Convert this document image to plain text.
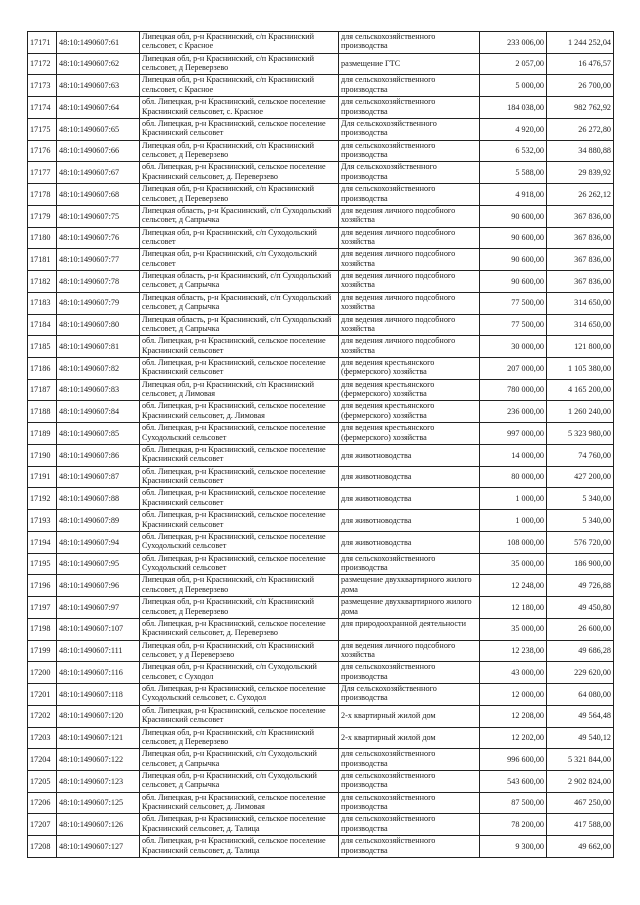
17171	48:10:1490607:61	Липецкая обл, р-н Краснинский, с/п Краснинский сельсовет, с Красное	для сельскохозяйственного производства	233 006,00	1 244 252,04
17172	48:10:1490607:62	Липецкая обл, р-н Краснинский, с/п Краснинский сельсовет, д Перeверзево	размещение ГТС	2 057,00	16 476,57
17173	48:10:1490607:63	Липецкая обл, р-н Краснинский, с/п Краснинский сельсовет, с Красное	для сельскохозяйственного производства	5 000,00	26 700,00
17174	48:10:1490607:64	обл. Липецкая, р-н Краснинский, сельское поселение Краснинский сельсовет, с. Красное	для сельскохозяйственного производства	184 038,00	982 762,92
17175	48:10:1490607:65	обл. Липецкая, р-н Краснинский, сельское поселение Краснинский сельсовет	Для сельскохозяйственного производства	4 920,00	26 272,80
17176	48:10:1490607:66	Липецкая обл, р-н Краснинский, с/п Краснинский сельсовет, д Перeверзево	для сельскохозяйственного производства	6 532,00	34 880,88
17177	48:10:1490607:67	обл. Липецкая, р-н Краснинский, сельское поселение Краснинский сельсовет, д. Переверзево	Для сельскохозяйственного производства	5 588,00	29 839,92
17178	48:10:1490607:68	Липецкая обл, р-н Краснинский, с/п Краснинский сельсовет, д Перeверзево	для сельскохозяйственного производства	4 918,00	26 262,12
17179	48:10:1490607:75	Липецкая область, р-н Краснинский, с/п Суходольский сельсовет, д Сапрычка	для ведения личного подсобного хозяйства	90 600,00	367 836,00
17180	48:10:1490607:76	Липецкая обл, р-н Краснинский, с/п Суходольский сельсовет	для ведения личного подсобного хозяйства	90 600,00	367 836,00
17181	48:10:1490607:77	Липецкая обл, р-н Краснинский, с/п Суходольский сельсовет	для ведения личного подсобного хозяйства	90 600,00	367 836,00
17182	48:10:1490607:78	Липецкая область, р-н Краснинский, с/п Суходольский сельсовет, д Сапрычка	для ведения личного подсобного хозяйства	90 600,00	367 836,00
17183	48:10:1490607:79	Липецкая область, р-н Краснинский, с/п Суходольский сельсовет, д Сапрычка	для ведения личного подсобного хозяйства	77 500,00	314 650,00
17184	48:10:1490607:80	Липецкая область, р-н Краснинский, с/п Суходольский сельсовет, д Сапрычка	для ведения личного подсобного хозяйства	77 500,00	314 650,00
17185	48:10:1490607:81	обл. Липецкая, р-н Краснинский, сельское поселение Краснинский сельсовет	для ведения личного подсобного хозяйства	30 000,00	121 800,00
17186	48:10:1490607:82	обл. Липецкая, р-н Краснинский, сельское поселение Краснинский сельсовет	для ведения крестьянского (фермерского) хозяйства	207 000,00	1 105 380,00
17187	48:10:1490607:83	Липецкая обл, р-н Краснинский, с/п Краснинский сельсовет, д Лимовая	для ведения крестьянского (фермерского) хозяйства	780 000,00	4 165 200,00
17188	48:10:1490607:84	обл. Липецкая, р-н Краснинский, сельское поселение Краснинский сельсовет, д. Лимовая	для ведения крестьянского (фермерского) хозяйства	236 000,00	1 260 240,00
17189	48:10:1490607:85	обл. Липецкая, р-н Краснинский, сельское поселение Суходольский сельсовет	для ведения крестьянского (фермерского) хозяйства	997 000,00	5 323 980,00
17190	48:10:1490607:86	обл. Липецкая, р-н Краснинский, сельское поселение Краснинский сельсовет	для животноводства	14 000,00	74 760,00
17191	48:10:1490607:87	обл. Липецкая, р-н Краснинский, сельское поселение Краснинский сельсовет	для животноводства	80 000,00	427 200,00
17192	48:10:1490607:88	обл. Липецкая, р-н Краснинский, сельское поселение Краснинский сельсовет	для животноводства	1 000,00	5 340,00
17193	48:10:1490607:89	обл. Липецкая, р-н Краснинский, сельское поселение Краснинский сельсовет	для животноводства	1 000,00	5 340,00
17194	48:10:1490607:94	обл. Липецкая, р-н Краснинский, сельское поселение Суходольский сельсовет	для животноводства	108 000,00	576 720,00
17195	48:10:1490607:95	обл. Липецкая, р-н Краснинский, сельское поселение Суходольский сельсовет	для сельскохозяйственного производства	35 000,00	186 900,00
17196	48:10:1490607:96	Липецкая обл, р-н Краснинский, с/п Краснинский сельсовет, д Перeверзево	размещение двухквартирного жилого дома	12 248,00	49 726,88
17197	48:10:1490607:97	Липецкая обл, р-н Краснинский, с/п Краснинский сельсовет, д Перeверзево	размещение двухквартирного жилого дома	12 180,00	49 450,80
17198	48:10:1490607:107	обл. Липецкая, р-н Краснинский, сельское поселение Краснинский сельсовет, д. Переверзево	для природоохранной деятельности	35 000,00	26 600,00
17199	48:10:1490607:111	Липецкая обл, р-н Краснинский, с/п Краснинский сельсовет, у д Переверзево	для ведения личного подсобного хозяйства	12 238,00	49 686,28
17200	48:10:1490607:116	Липецкая обл, р-н Краснинский, с/п Суходольский сельсовет, с Суходол	для сельскохозяйственного производства	43 000,00	229 620,00
17201	48:10:1490607:118	обл. Липецкая, р-н Краснинский, сельское поселение Суходольский сельсовет, с. Суходол	Для сельскохозяйственного производства	12 000,00	64 080,00
17202	48:10:1490607:120	обл. Липецкая, р-н Краснинский, сельское поселение Краснинский сельсовет	2-х квартирный жилой дом	12 208,00	49 564,48
17203	48:10:1490607:121	Липецкая обл, р-н Краснинский, с/п Краснинский сельсовет, д Перeверзево	2-х квартирный жилой дом	12 202,00	49 540,12
17204	48:10:1490607:122	Липецкая обл, р-н Краснинский, с/п Суходольский сельсовет, д Сапрычка	для сельскохозяйственного производства	996 600,00	5 321 844,00
17205	48:10:1490607:123	Липецкая обл, р-н Краснинский, с/п Суходольский сельсовет, д Сапрычка	для сельскохозяйственного производства	543 600,00	2 902 824,00
17206	48:10:1490607:125	обл. Липецкая, р-н Краснинский, сельское поселение Краснинский сельсовет, д. Лимовая	для сельскохозяйственного производства	87 500,00	467 250,00
17207	48:10:1490607:126	обл. Липецкая, р-н Краснинский, сельское поселение Краснинский сельсовет, д. Талица	для сельскохозяйственного производства	78 200,00	417 588,00
17208	48:10:1490607:127	обл. Липецкая, р-н Краснинский, сельское поселение Краснинский сельсовет, д. Талица	для сельскохозяйственного производства	9 300,00	49 662,00
